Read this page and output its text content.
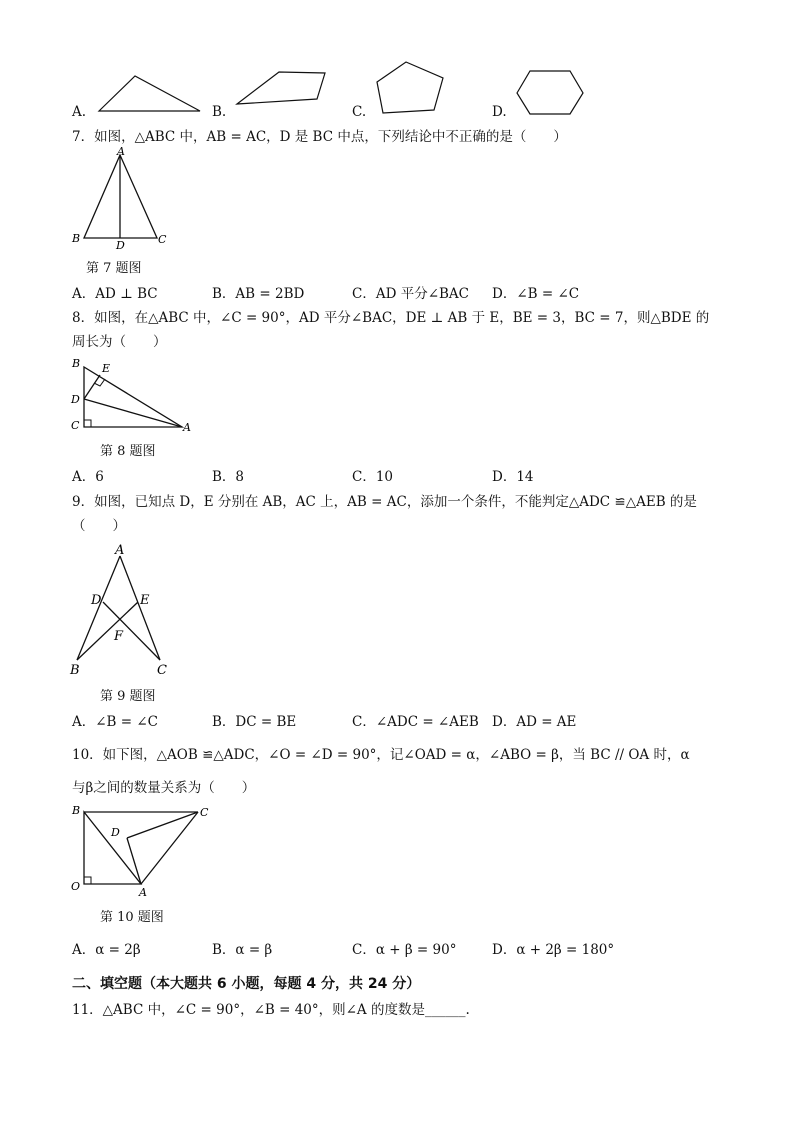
A.	B.	C.	D.
7．如图，△ABC 中，AB = AC，D 是 BC 中点，下列结论中不正确的是（　　）
A
B	C
D
第 7 题图
A．AD ⊥ BC	B．AB = 2BD	C．AD 平分∠BAC D．∠B = ∠C
8．如图，在△ABC 中，∠C = 90°，AD 平分∠BAC，DE ⊥ AB 于 E，BE = 3，BC = 7，则△BDE 的
周长为（　　）
B E
D
C	A
第 8 题图
A．6	B．8	C．10	D．14
9．如图，已知点 D，E 分别在 AB，AC 上，AB = AC，添加一个条件，不能判定△ADC ≌△AEB 的是
（　　）
A
D	E
F
B	C
第 9 题图
A．∠B = ∠C	B．DC = BE	C．∠ADC = ∠AEB D．AD = AE
10．如下图，△AOB ≌△ADC，∠O = ∠D = 90°，记∠OAD = α，∠ABO = β，当 BC // OA 时，α
与β之间的数量关系为（　　）
B	C
D
O	A
第 10 题图
A．α = 2β	B．α = β	C．α + β = 90°	D．α + 2β = 180°
二、填空题（本大题共 6 小题，每题 4 分，共 24 分）
11．△ABC 中，∠C = 90°，∠B = 40°，则∠A 的度数是______.
